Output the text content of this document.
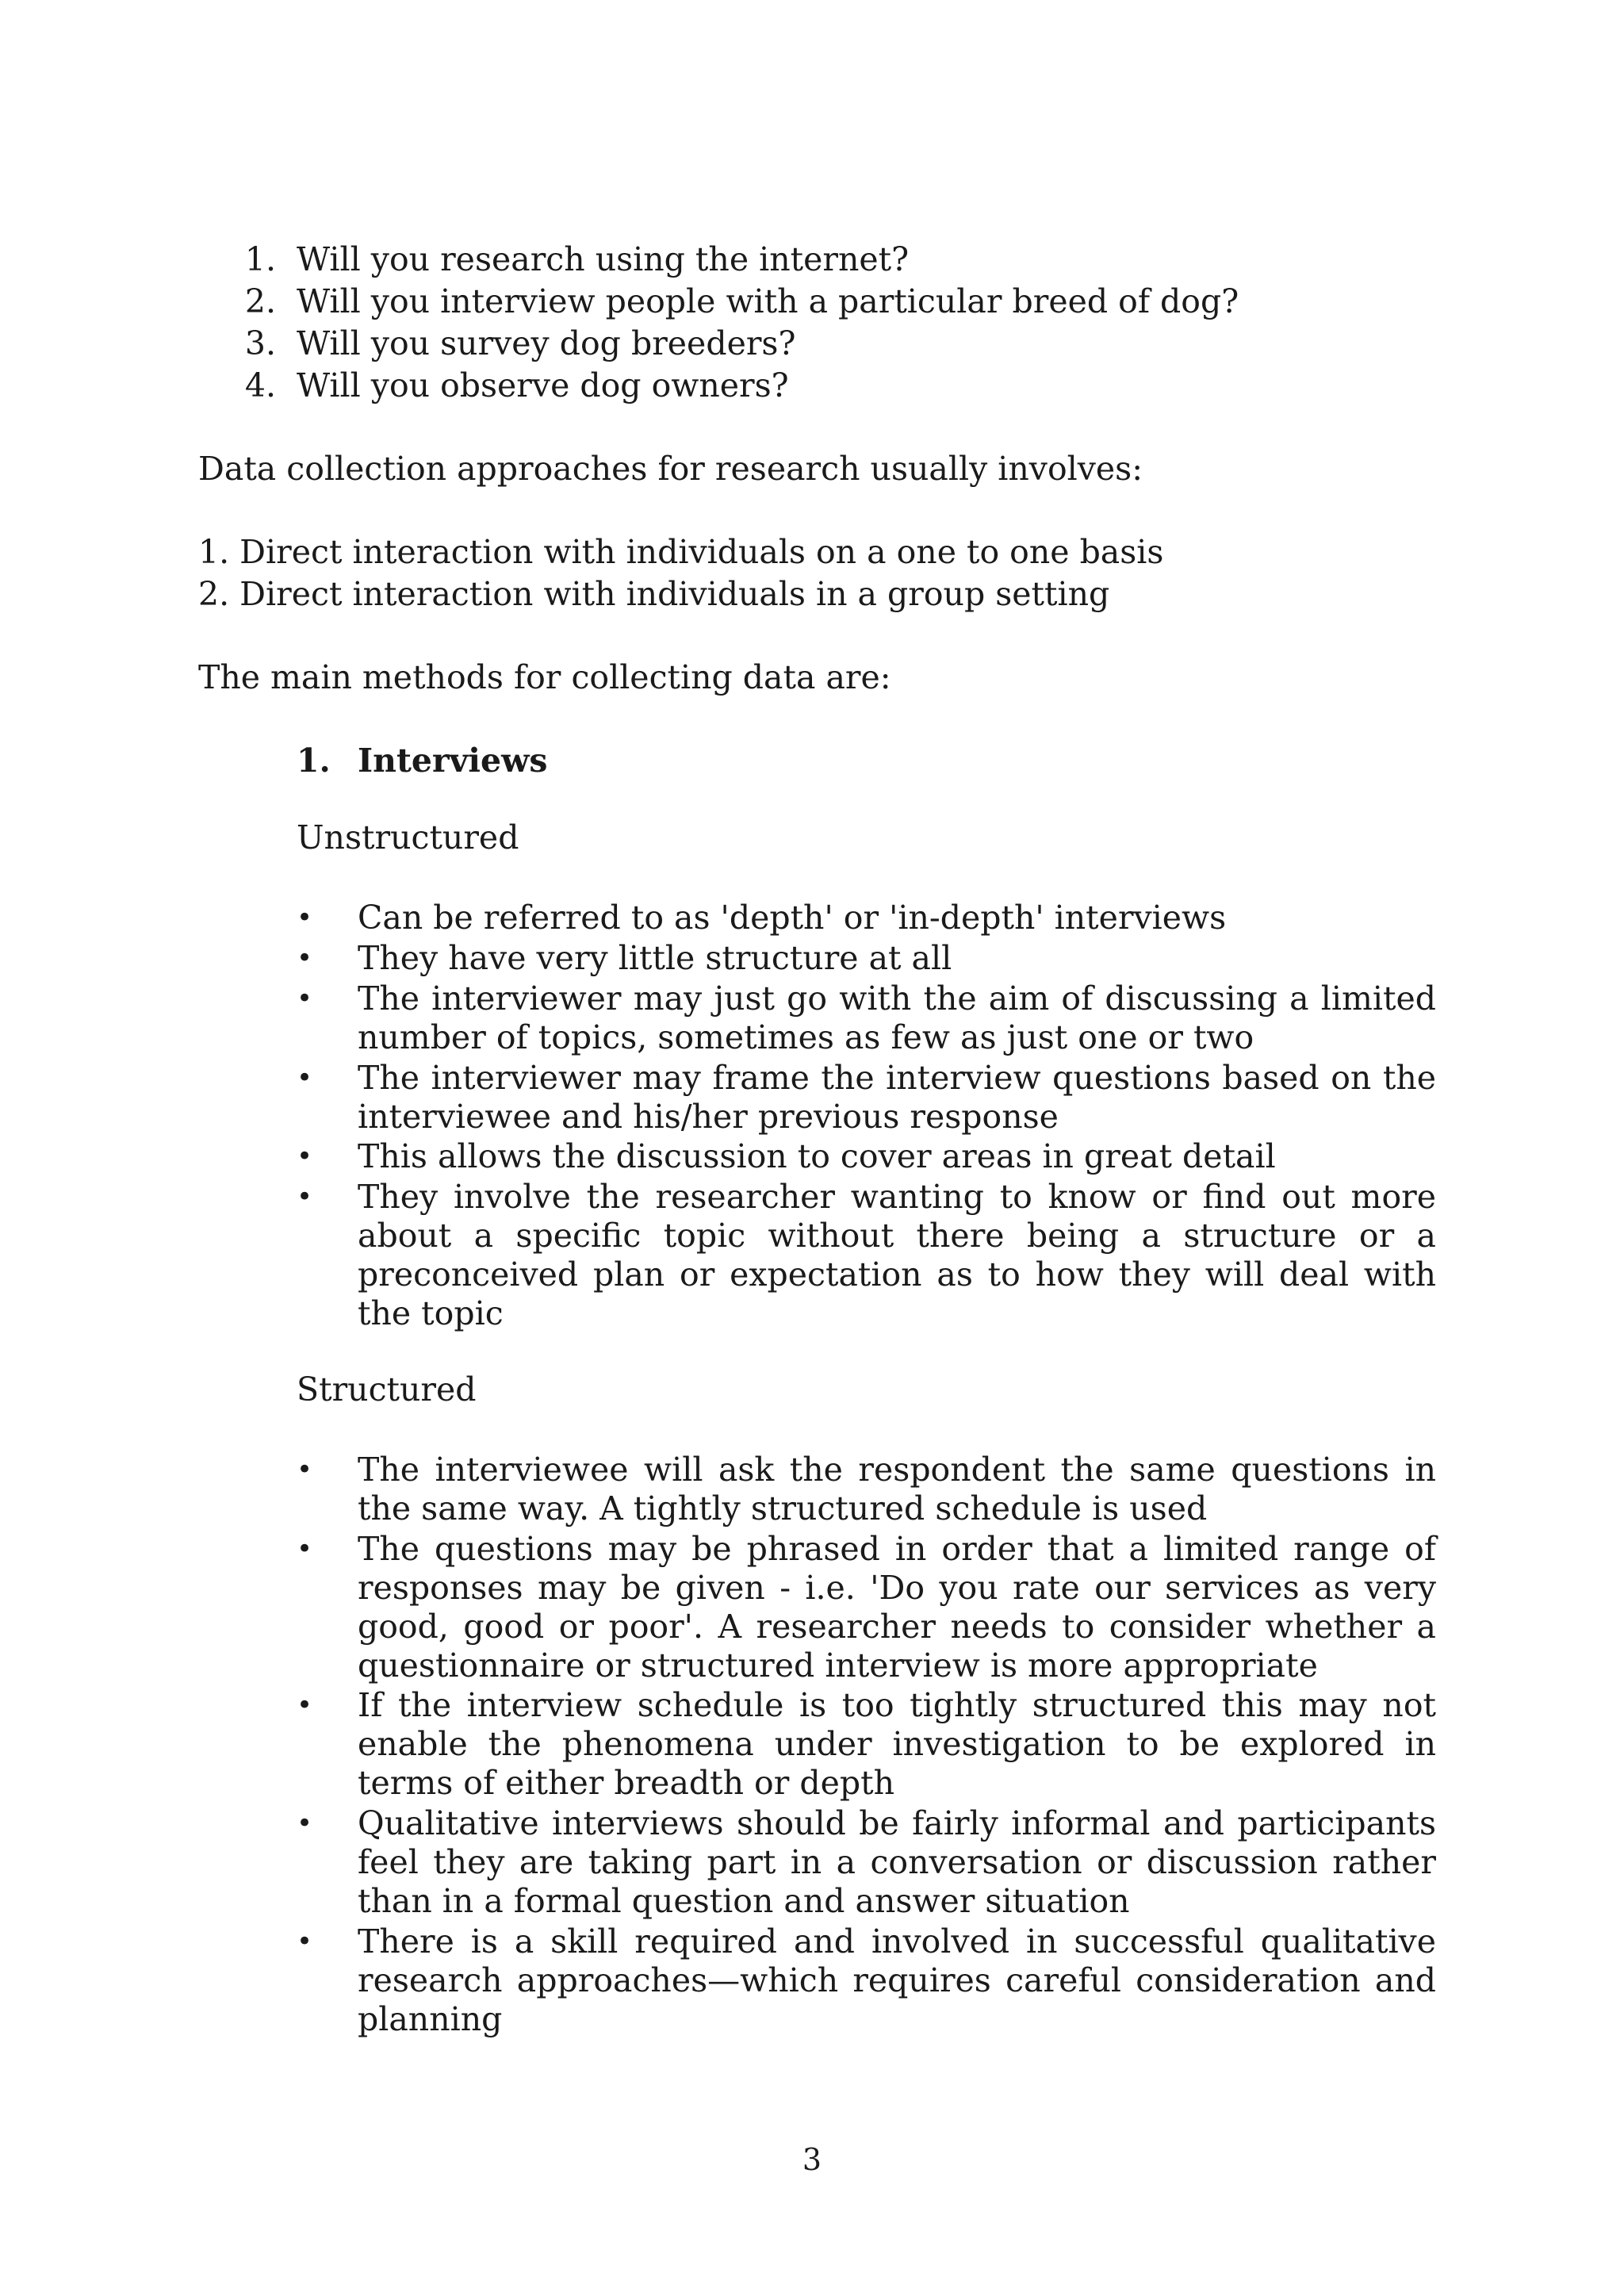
1. Will you research using the internet?
2. Will you interview people with a particular breed of dog?
3. Will you survey dog breeders?
4. Will you observe dog owners?
Data collection approaches for research usually involves:
1. Direct interaction with individuals on a one to one basis
2. Direct interaction with individuals in a group setting
The main methods for collecting data are:
1. Interviews
Unstructured
• Can be referred to as 'depth' or 'in-depth' interviews
• They have very little structure at all
• The interviewer may just go with the aim of discussing a limited number of topics, sometimes as few as just one or two
• The interviewer may frame the interview questions based on the interviewee and his/her previous response
• This allows the discussion to cover areas in great detail
• They involve the researcher wanting to know or find out more about a specific topic without there being a structure or a preconceived plan or expectation as to how they will deal with the topic
Structured
• The interviewee will ask the respondent the same questions in the same way. A tightly structured schedule is used
• The questions may be phrased in order that a limited range of responses may be given - i.e. 'Do you rate our services as very good, good or poor'. A researcher needs to consider whether a questionnaire or structured interview is more appropriate
• If the interview schedule is too tightly structured this may not enable the phenomena under investigation to be explored in terms of either breadth or depth
• Qualitative interviews should be fairly informal and participants feel they are taking part in a conversation or discussion rather than in a formal question and answer situation
• There is a skill required and involved in successful qualitative research approaches—which requires careful consideration and planning
3
